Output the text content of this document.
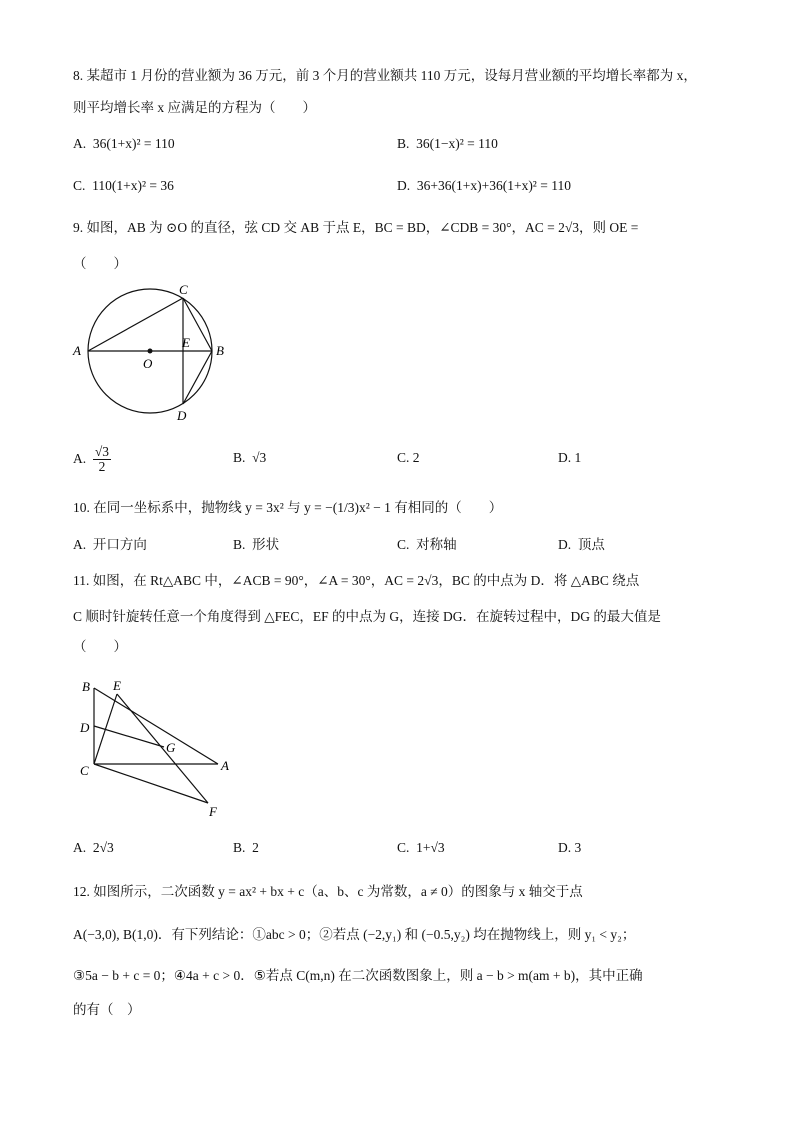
8. 某超市 1 月份的营业额为 36 万元，前 3 个月的营业额共 110 万元，设每月营业额的平均增长率都为 x，
则平均增长率 x 应满足的方程为（　　）
A. 36(1+x)² = 110	B. 36(1−x)² = 110
C. 110(1+x)² = 36	D. 36+36(1+x)+36(1+x)² = 110
9. 如图，AB 为 ⊙O 的直径，弦 CD 交 AB 于点 E，BC = BD，∠CDB = 30°，AC = 2√3，则 OE =
（　　）
A	B
C
D
E
O
A. $\frac{√3}{2}$	B. √3	C. 2	D. 1
10. 在同一坐标系中，抛物线 y = 3x² 与 y = −(1/3)x² − 1 有相同的（　　）
A. 开口方向	B. 形状	C. 对称轴	D. 顶点
11. 如图，在 Rt△ABC 中，∠ACB = 90°，∠A = 30°，AC = 2√3，BC 的中点为 D．将 △ABC 绕点
C 顺时针旋转任意一个角度得到 △FEC，EF 的中点为 G，连接 DG．在旋转过程中，DG 的最大值是
（　　）
B E
D
G
C	A
F
A. 2√3	B. 2	C. 1+√3	D. 3
12. 如图所示，二次函数 y = ax² + bx + c（a、b、c 为常数，a ≠ 0）的图象与 x 轴交于点
A(−3,0), B(1,0)．有下列结论：①abc > 0；②若点 (−2,y₁) 和 (−0.5,y₂) 均在抛物线上，则 y₁ < y₂；
③5a − b + c = 0；④4a + c > 0．⑤若点 C(m,n) 在二次函数图象上，则 a − b > m(am + b)，其中正确
的有（　）
